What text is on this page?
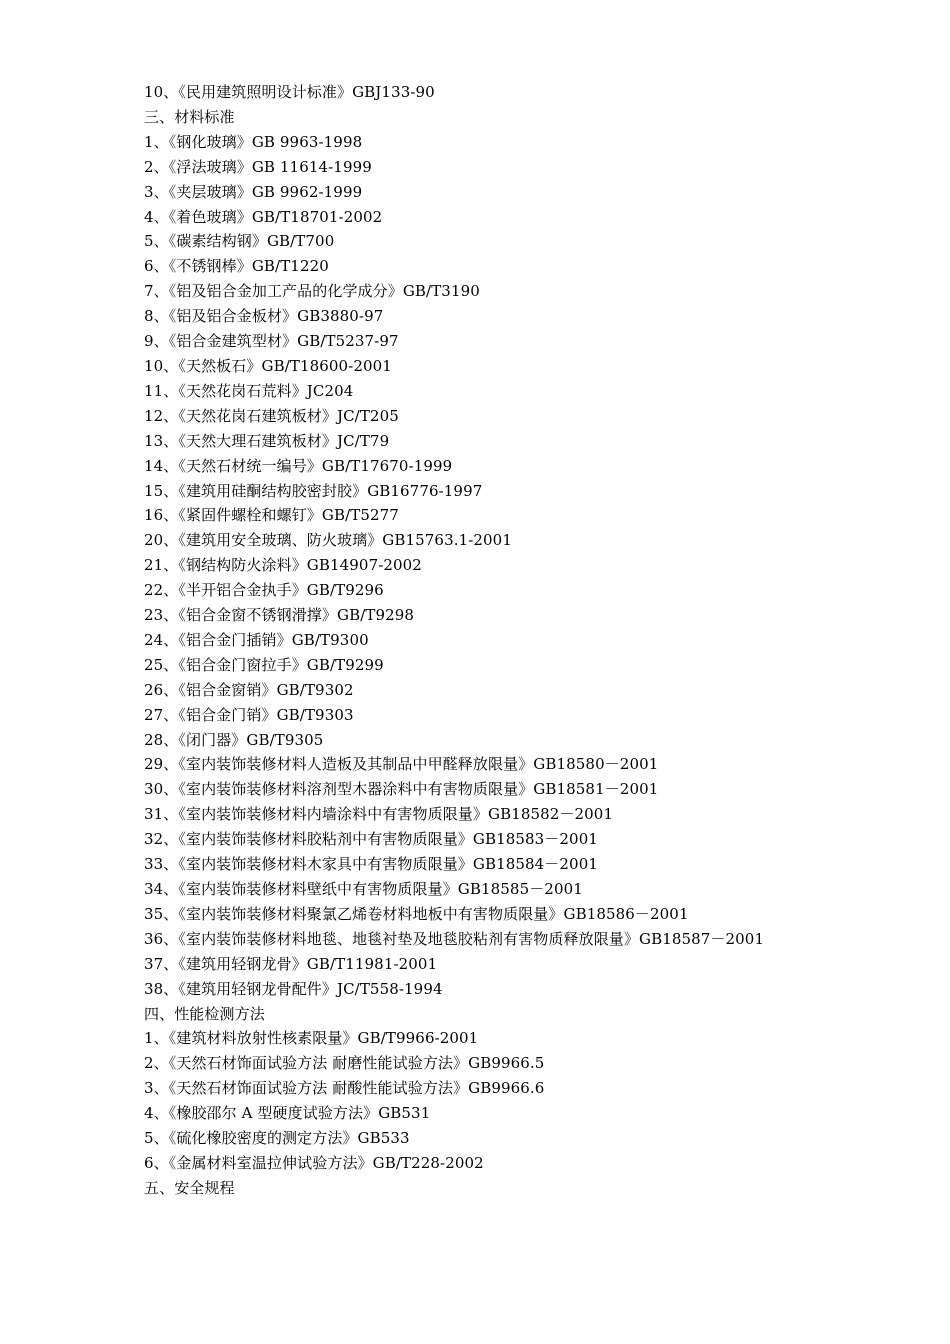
10、《民用建筑照明设计标准》GBJ133-90
三、材料标准
1、《钢化玻璃》GB 9963-1998
2、《浮法玻璃》GB 11614-1999
3、《夹层玻璃》GB 9962-1999
4、《着色玻璃》GB/T18701-2002
5、《碳素结构钢》GB/T700
6、《不锈钢棒》GB/T1220
7、《铝及铝合金加工产品的化学成分》GB/T3190
8、《铝及铝合金板材》GB3880-97
9、《铝合金建筑型材》GB/T5237-97
10、《天然板石》GB/T18600-2001
11、《天然花岗石荒料》JC204
12、《天然花岗石建筑板材》JC/T205
13、《天然大理石建筑板材》JC/T79
14、《天然石材统一编号》GB/T17670-1999
15、《建筑用硅酮结构胶密封胶》GB16776-1997
16、《紧固件螺栓和螺钉》GB/T5277
20、《建筑用安全玻璃、防火玻璃》GB15763.1-2001
21、《钢结构防火涂料》GB14907-2002
22、《半开铝合金执手》GB/T9296
23、《铝合金窗不锈钢滑撑》GB/T9298
24、《铝合金门插销》GB/T9300
25、《铝合金门窗拉手》GB/T9299
26、《铝合金窗销》GB/T9302
27、《铝合金门销》GB/T9303
28、《闭门器》GB/T9305
29、《室内装饰装修材料人造板及其制品中甲醛释放限量》GB18580－2001
30、《室内装饰装修材料溶剂型木器涂料中有害物质限量》GB18581－2001
31、《室内装饰装修材料内墙涂料中有害物质限量》GB18582－2001
32、《室内装饰装修材料胶粘剂中有害物质限量》GB18583－2001
33、《室内装饰装修材料木家具中有害物质限量》GB18584－2001
34、《室内装饰装修材料壁纸中有害物质限量》GB18585－2001
35、《室内装饰装修材料聚氯乙烯卷材料地板中有害物质限量》GB18586－2001
36、《室内装饰装修材料地毯、地毯衬垫及地毯胶粘剂有害物质释放限量》GB18587－2001
37、《建筑用轻钢龙骨》GB/T11981-2001
38、《建筑用轻钢龙骨配件》JC/T558-1994
四、性能检测方法
1、《建筑材料放射性核素限量》GB/T9966-2001
2、《天然石材饰面试验方法 耐磨性能试验方法》GB9966.5
3、《天然石材饰面试验方法 耐酸性能试验方法》GB9966.6
4、《橡胶邵尔 A 型硬度试验方法》GB531
5、《硫化橡胶密度的测定方法》GB533
6、《金属材料室温拉伸试验方法》GB/T228-2002
五、安全规程
